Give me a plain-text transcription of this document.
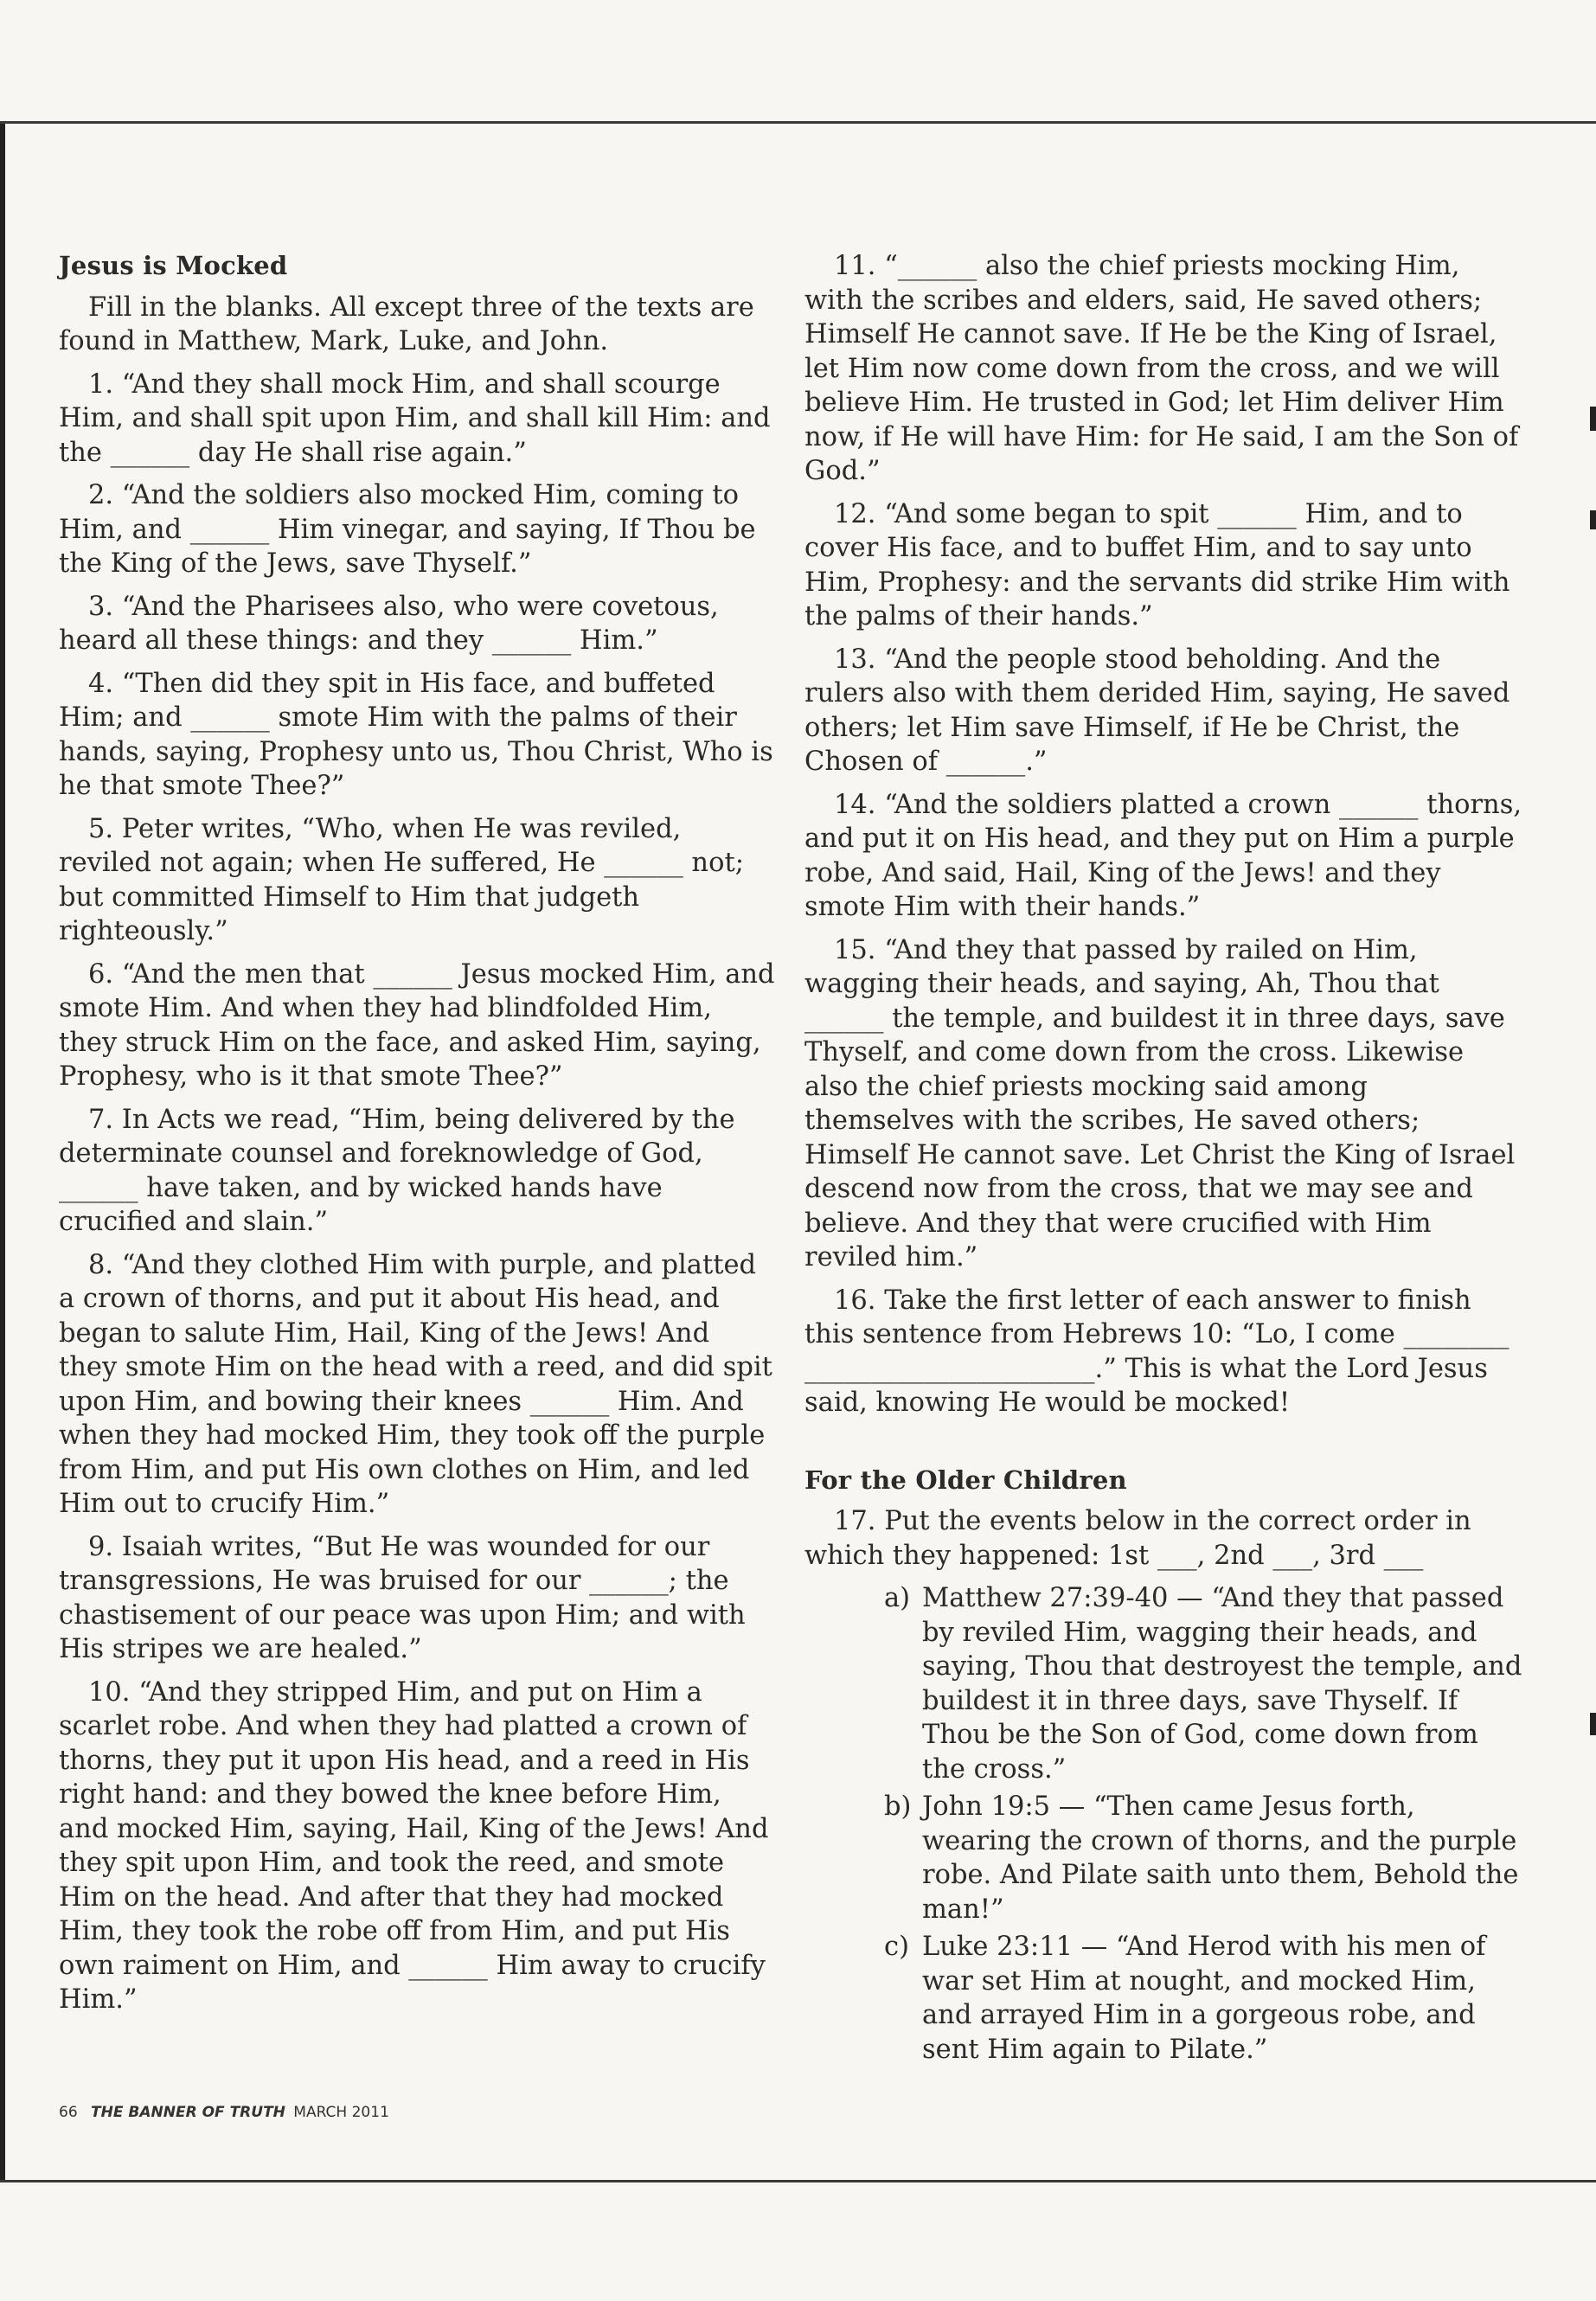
Jesus is Mocked

Fill in the blanks. All except three of the texts are found in Matthew, Mark, Luke, and John.

1. “And they shall mock Him, and shall scourge Him, and shall spit upon Him, and shall kill Him: and the ______ day He shall rise again.”

2. “And the soldiers also mocked Him, coming to Him, and ______ Him vinegar, and saying, If Thou be the King of the Jews, save Thyself.”

3. “And the Pharisees also, who were covetous, heard all these things: and they ______ Him.”

4. “Then did they spit in His face, and buffeted Him; and ______ smote Him with the palms of their hands, saying, Prophesy unto us, Thou Christ, Who is he that smote Thee?”

5. Peter writes, “Who, when He was reviled, reviled not again; when He suffered, He ______ not; but committed Himself to Him that judgeth righteously.”

6. “And the men that ______ Jesus mocked Him, and smote Him. And when they had blindfolded Him, they struck Him on the face, and asked Him, saying, Prophesy, who is it that smote Thee?”

7. In Acts we read, “Him, being delivered by the determinate counsel and foreknowledge of God, ______ have taken, and by wicked hands have crucified and slain.”

8. “And they clothed Him with purple, and platted a crown of thorns, and put it about His head, and began to salute Him, Hail, King of the Jews! And they smote Him on the head with a reed, and did spit upon Him, and bowing their knees ______ Him. And when they had mocked Him, they took off the purple from Him, and put His own clothes on Him, and led Him out to crucify Him.”

9. Isaiah writes, “But He was wounded for our transgressions, He was bruised for our ______; the chastisement of our peace was upon Him; and with His stripes we are healed.”

10. “And they stripped Him, and put on Him a scarlet robe. And when they had platted a crown of thorns, they put it upon His head, and a reed in His right hand: and they bowed the knee before Him, and mocked Him, saying, Hail, King of the Jews! And they spit upon Him, and took the reed, and smote Him on the head. And after that they had mocked Him, they took the robe off from Him, and put His own raiment on Him, and ______ Him away to crucify Him.”

11. “______ also the chief priests mocking Him, with the scribes and elders, said, He saved others; Himself He cannot save. If He be the King of Israel, let Him now come down from the cross, and we will believe Him. He trusted in God; let Him deliver Him now, if He will have Him: for He said, I am the Son of God.”

12. “And some began to spit ______ Him, and to cover His face, and to buffet Him, and to say unto Him, Prophesy: and the servants did strike Him with the palms of their hands.”

13. “And the people stood beholding. And the rulers also with them derided Him, saying, He saved others; let Him save Himself, if He be Christ, the Chosen of ______.”

14. “And the soldiers platted a crown ______ thorns, and put it on His head, and they put on Him a purple robe, And said, Hail, King of the Jews! and they smote Him with their hands.”

15. “And they that passed by railed on Him, wagging their heads, and saying, Ah, Thou that ______ the temple, and buildest it in three days, save Thyself, and come down from the cross. Likewise also the chief priests mocking said among themselves with the scribes, He saved others; Himself He cannot save. Let Christ the King of Israel descend now from the cross, that we may see and believe. And they that were crucified with Him reviled him.”

16. Take the first letter of each answer to finish this sentence from Hebrews 10: “Lo, I come ________ ______________________.” This is what the Lord Jesus said, knowing He would be mocked!

For the Older Children

17. Put the events below in the correct order in which they happened: 1st ___, 2nd ___, 3rd ___

a) Matthew 27:39-40 — “And they that passed by reviled Him, wagging their heads, and saying, Thou that destroyest the temple, and buildest it in three days, save Thyself. If Thou be the Son of God, come down from the cross.”
b) John 19:5 — “Then came Jesus forth, wearing the crown of thorns, and the purple robe. And Pilate saith unto them, Behold the man!”
c) Luke 23:11 — “And Herod with his men of war set Him at nought, and mocked Him, and arrayed Him in a gorgeous robe, and sent Him again to Pilate.”
66 THE BANNER OF TRUTH MARCH 2011
